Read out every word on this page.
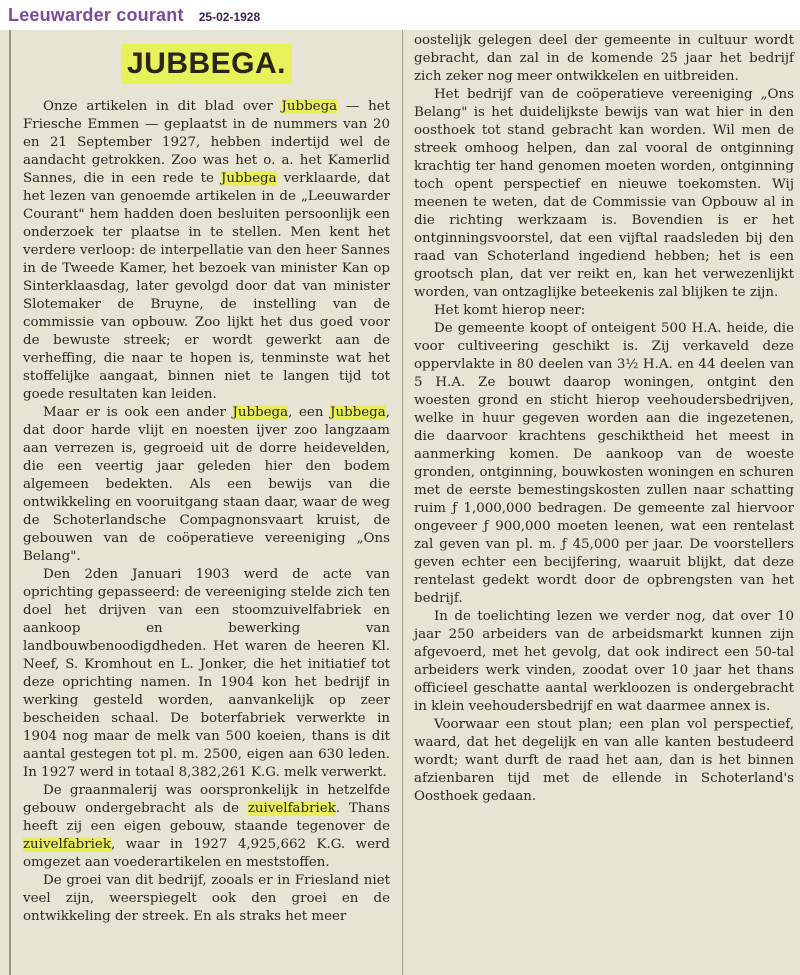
Leeuwarder courant 25-02-1928
JUBBEGA.

Onze artikelen in dit blad over Jubbega — het Friesche Emmen — geplaatst in de nummers van 20 en 21 September 1927, hebben indertijd wel de aandacht getrokken. Zoo was het o. a. het Kamerlid Sannes, die in een rede te Jubbega verklaarde, dat het lezen van genoemde artikelen in de „Leeuwarder Courant" hem hadden doen besluiten persoonlijk een onderzoek ter plaatse in te stellen. Men kent het verdere verloop: de interpellatie van den heer Sannes in de Tweede Kamer, het bezoek van minister Kan op Sinterklaasdag, later gevolgd door dat van minister Slotemaker de Bruyne, de instelling van de commissie van opbouw. Zoo lijkt het dus goed voor de bewuste streek; er wordt gewerkt aan de verheffing, die naar te hopen is, tenminste wat het stoffelijke aangaat, binnen niet te langen tijd tot goede resultaten kan leiden.

Maar er is ook een ander Jubbega, een Jubbega, dat door harde vlijt en noesten ijver zoo langzaam aan verrezen is, gegroeid uit de dorre heidevelden, die een veertig jaar geleden hier den bodem algemeen bedekten. Als een bewijs van die ontwikkeling en vooruitgang staan daar, waar de weg de Schoterlandsche Compagnonsvaart kruist, de gebouwen van de coöperatieve vereeniging „Ons Belang".

Den 2den Januari 1903 werd de acte van oprichting gepasseerd: de vereeniging stelde zich ten doel het drijven van een stoomzuivelfabriek en aankoop en bewerking van landbouwbenoodigdheden. Het waren de heeren Kl. Neef, S. Kromhout en L. Jonker, die het initiatief tot deze oprichting namen. In 1904 kon het bedrijf in werking gesteld worden, aanvankelijk op zeer bescheiden schaal. De boterfabriek verwerkte in 1904 nog maar de melk van 500 koeien, thans is dit aantal gestegen tot pl. m. 2500, eigen aan 630 leden. In 1927 werd in totaal 8,382,261 K.G. melk verwerkt.

De graanmalerij was oorspronkelijk in hetzelfde gebouw ondergebracht als de zuivelfabriek. Thans heeft zij een eigen gebouw, staande tegenover de zuivelfabriek, waar in 1927 4,925,662 K.G. werd omgezet aan voederartikelen en meststoffen.

De groei van dit bedrijf, zooals er in Friesland niet veel zijn, weerspiegelt ook den groei en de ontwikkeling der streek. En als straks het meer

oostelijk gelegen deel der gemeente in cultuur wordt gebracht, dan zal in de komende 25 jaar het bedrijf zich zeker nog meer ontwikkelen en uitbreiden.

Het bedrijf van de coöperatieve vereeniging „Ons Belang" is het duidelijkste bewijs van wat hier in den oosthoek tot stand gebracht kan worden. Wil men de streek omhoog helpen, dan zal vooral de ontginning krachtig ter hand genomen moeten worden, ontginning toch opent perspectief en nieuwe toekomsten. Wij meenen te weten, dat de Commissie van Opbouw al in die richting werkzaam is. Bovendien is er het ontginningsvoorstel, dat een vijftal raadsleden bij den raad van Schoterland ingediend hebben; het is een grootsch plan, dat ver reikt en, kan het verwezenlijkt worden, van ontzaglijke beteekenis zal blijken te zijn.

Het komt hierop neer:

De gemeente koopt of onteigent 500 H.A. heide, die voor cultiveering geschikt is. Zij verkaveld deze oppervlakte in 80 deelen van 3½ H.A. en 44 deelen van 5 H.A. Ze bouwt daarop woningen, ontgint den woesten grond en sticht hierop veehoudersbedrijven, welke in huur gegeven worden aan die ingezetenen, die daarvoor krachtens geschiktheid het meest in aanmerking komen. De aankoop van de woeste gronden, ontginning, bouwkosten woningen en schuren met de eerste bemestingskosten zullen naar schatting ruim ƒ 1,000,000 bedragen. De gemeente zal hiervoor ongeveer ƒ 900,000 moeten leenen, wat een rentelast zal geven van pl. m. ƒ 45,000 per jaar. De voorstellers geven echter een becijfering, waaruit blijkt, dat deze rentelast gedekt wordt door de opbrengsten van het bedrijf.

In de toelichting lezen we verder nog, dat over 10 jaar 250 arbeiders van de arbeidsmarkt kunnen zijn afgevoerd, met het gevolg, dat ook indirect een 50-tal arbeiders werk vinden, zoodat over 10 jaar het thans officieel geschatte aantal werkloozen is ondergebracht in klein veehoudersbedrijf en wat daarmee annex is.

Voorwaar een stout plan; een plan vol perspectief, waard, dat het degelijk en van alle kanten bestudeerd wordt; want durft de raad het aan, dan is het binnen afzienbaren tijd met de ellende in Schoterland's Oosthoek gedaan.
